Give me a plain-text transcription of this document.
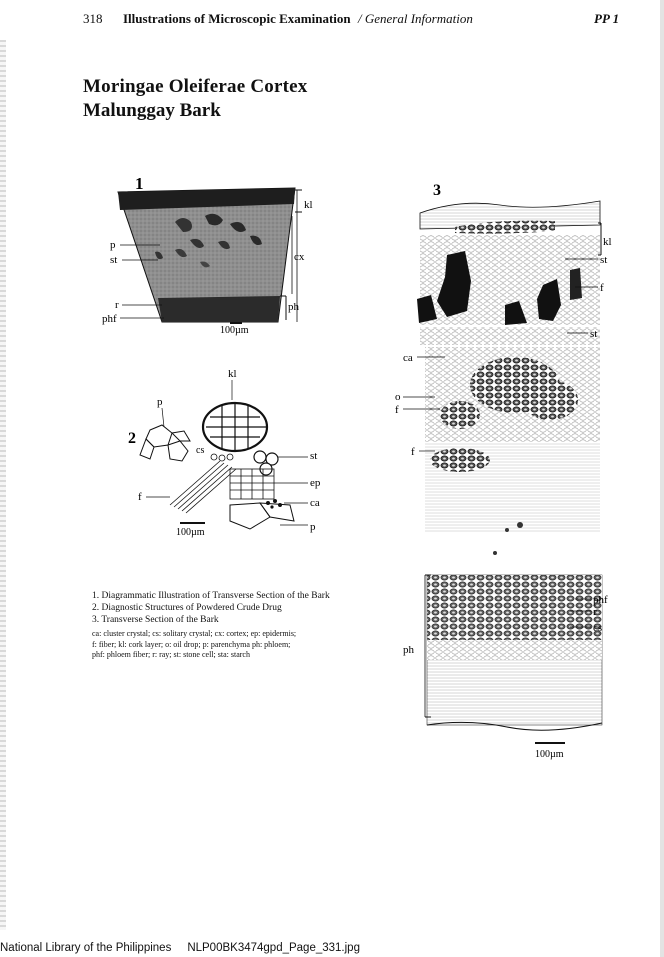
318 Illustrations of Microscopic Examination / General Information	PP 1
Moringae Oleiferae Cortex
Malunggay Bark
1
kl
cx
ph
p
st
r
phf
100µm
kl
p
2
cs	st
f
ep
ca
p
100µm
3
kl
st
f
st
ca
o
f
f
ph
phf
r
cs
100µm
1. Diagrammatic Illustration of Transverse Section of the Bark
2. Diagnostic Structures of Powdered Crude Drug
3. Transverse Section of the Bark
ca: cluster crystal; cs: solitary crystal; cx: cortex; ep: epidermis;
f: fiber; kl: cork layer; o: oil drop; p: parenchyma ph: phloem;
phf: phloem fiber; r: ray; st: stone cell; sta: starch
National Library of the Philippines NLP00BK3474gpd_Page_331.jpg
